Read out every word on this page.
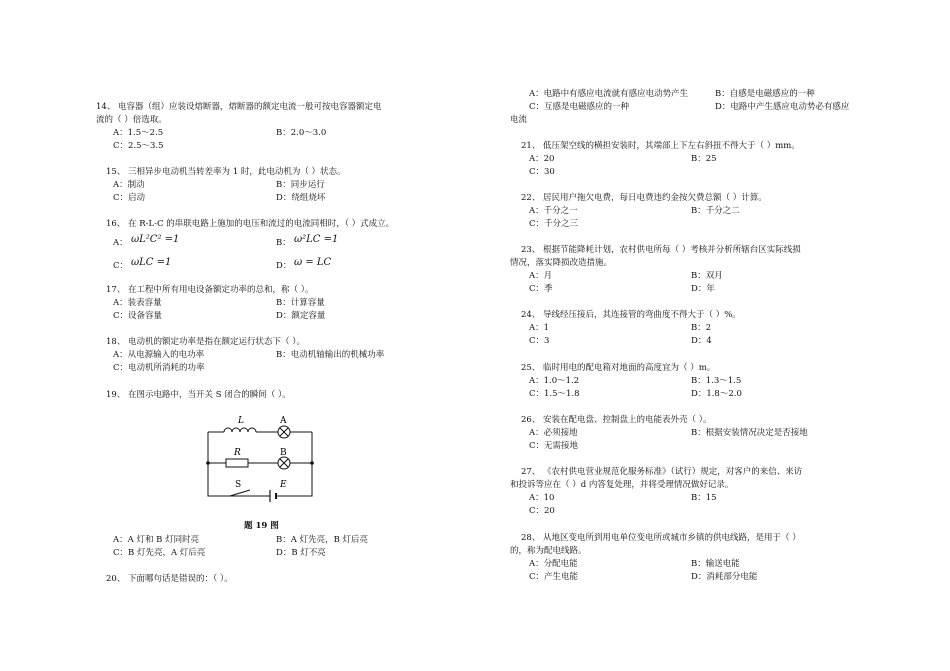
14、 电容器（组）应装设熔断器，熔断器的额定电流一般可按电容器额定电
流的（ ）倍选取。
A：1.5～2.5	B：2.0～3.0
C：2.5～3.5
15、 三相异步电动机当转差率为 1 时，此电动机为（ ）状态。
A：制动	B：同步运行
C：启动	D：绕组烧坏
16、 在 R-L-C 的串联电路上施加的电压和流过的电流同相时，（ ）式成立。
A： ωL²C² =1	B： ω²LC =1
C： ωLC =1	D： ω = LC
17、 在工程中所有用电设备额定功率的总和，称（ ）。
A：装表容量	B：计算容量
C：设备容量	D：额定容量
18、 电动机的额定功率是指在额定运行状态下（ ）。
A：从电源输入的电功率	B：电动机轴输出的机械功率
C：电动机所消耗的功率
19、 在图示电路中，当开关 S 闭合的瞬间（ ）。
L	A
R	B
S	E
题 19 图
A：A 灯和 B 灯同时亮	B：A 灯先亮，B 灯后亮
C：B 灯先亮，A 灯后亮	D：B 灯不亮
20、 下面哪句话是错误的：（ ）。
A：电路中有感应电流就有感应电动势产生	B：自感是电磁感应的一种
C：互感是电磁感应的一种	D：电路中产生感应电动势必有感应
电流
21、 低压架空线的横担安装时，其端部上下左右斜扭不得大于（ ）mm。
A：20	B：25
C：30
22、 居民用户拖欠电费，每日电费违约金按欠费总额（ ）计算。
A：千分之一	B：千分之二
C：千分之三
23、 根据节能降耗计划，农村供电所每（ ）考核并分析所辖台区实际线损
情况，落实降损改造措施。
A：月	B：双月
C：季	D：年
24、 导线经压接后，其连接管的弯曲度不得大于（ ）%。
A：1	B：2
C：3	D：4
25、 临时用电的配电箱对地面的高度宜为（ ）m。
A：1.0～1.2	B：1.3～1.5
C：1.5～1.8	D：1.8～2.0
26、 安装在配电盘、控制盘上的电能表外壳（ ）。
A：必须接地	B：根据安装情况决定是否接地
C：无需接地
27、 《农村供电营业规范化服务标准》（试行）规定，对客户的来信、来访
和投诉等应在（ ）d 内答复处理，并将受理情况做好记录。
A：10	B：15
C：20
28、 从地区变电所到用电单位变电所或城市乡镇的供电线路，是用于（ ）
的，称为配电线路。
A：分配电能	B：输送电能
C：产生电能	D：消耗部分电能
